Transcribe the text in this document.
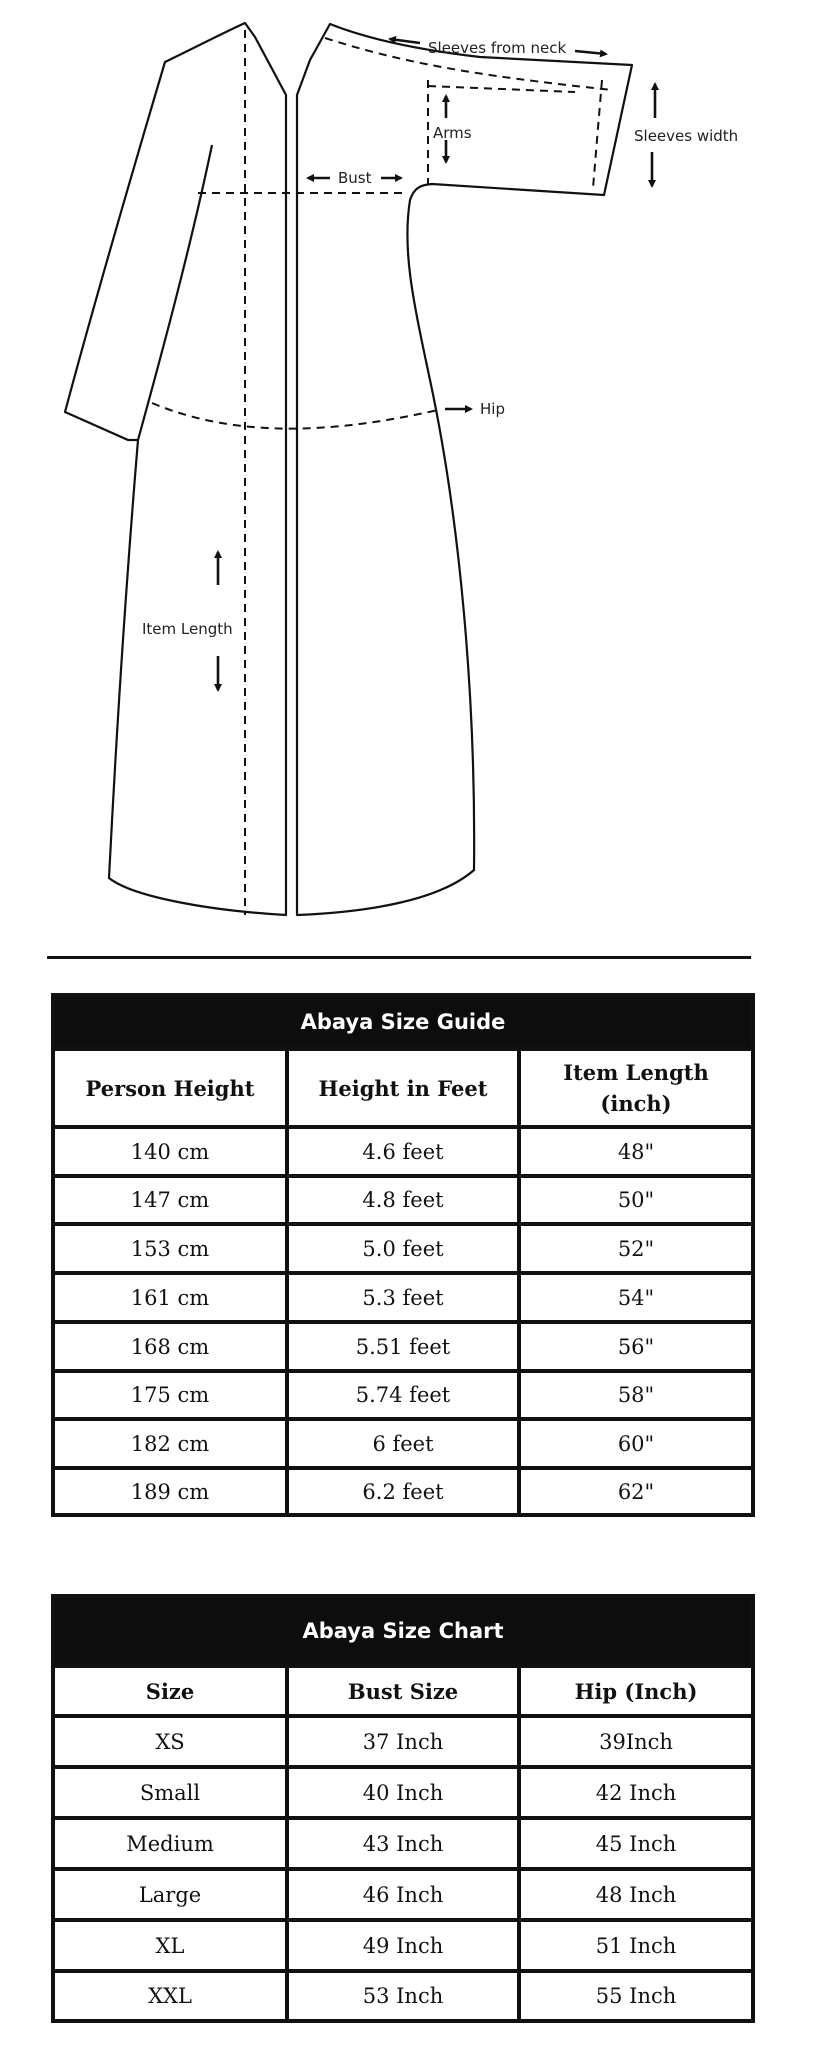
Sleeves from neck
Arms	Sleeves width
Bust
Hip
Item Length
Abaya Size Guide		
Person Height	Height in Feet	Item Length (inch)
140 cm	4.6 feet	48"
147 cm	4.8 feet	50"
153 cm	5.0 feet	52"
161 cm	5.3 feet	54"
168 cm	5.51 feet	56"
175 cm	5.74 feet	58"
182 cm	6 feet	60"
189 cm	6.2 feet	62"
Abaya Size Chart		
Size	Bust Size	Hip (Inch)
XS	37 Inch	39Inch
Small	40 Inch	42 Inch
Medium	43 Inch	45 Inch
Large	46 Inch	48 Inch
XL	49 Inch	51 Inch
XXL	53 Inch	55 Inch
